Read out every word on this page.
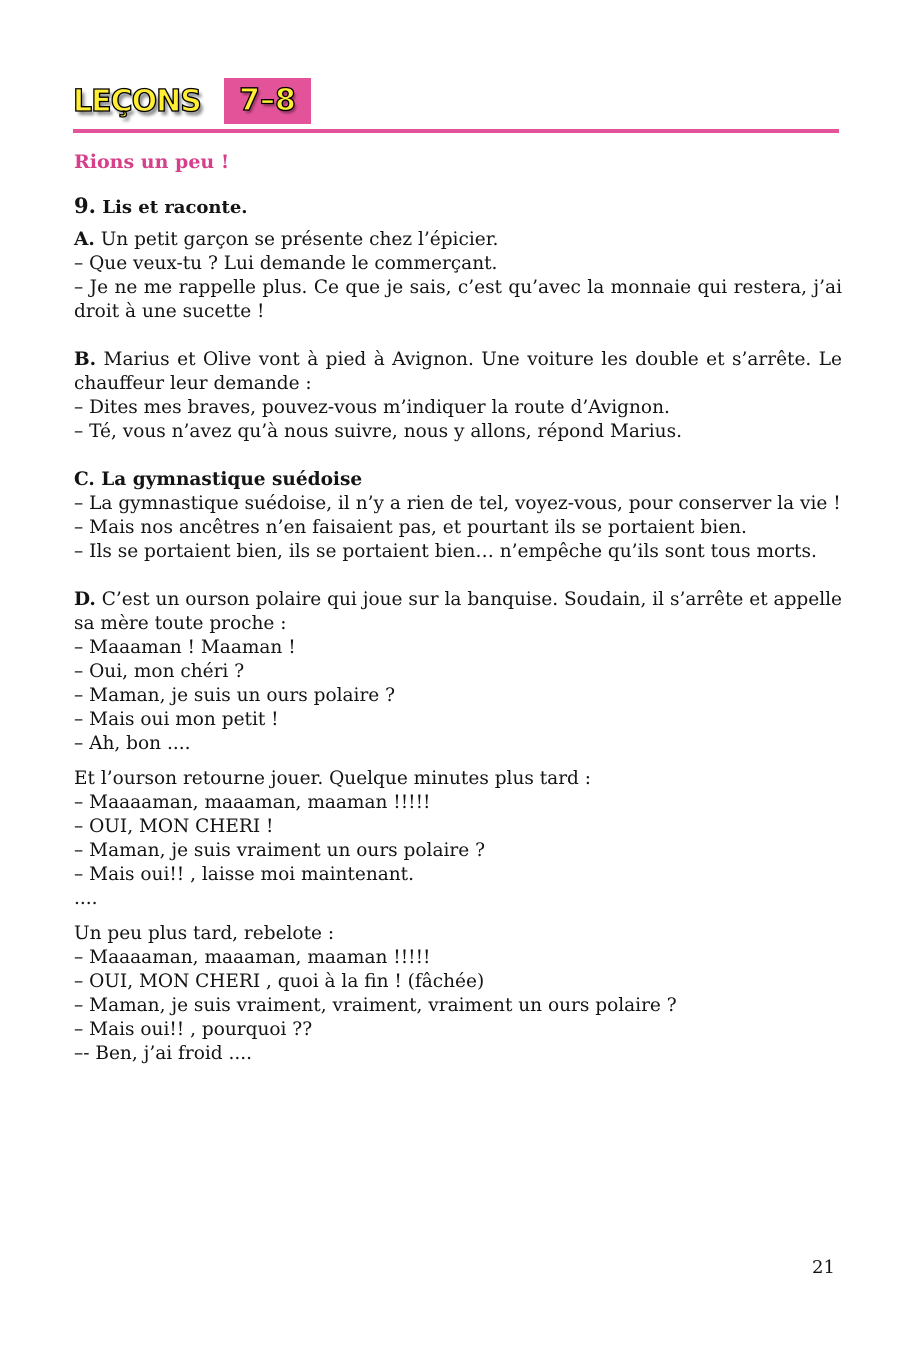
LEÇONS	7–8

Rions un peu !

9. Lis et raconte.

A. Un petit garçon se présente chez l’épicier.

– Que veux-tu ? Lui demande le commerçant.

– Je ne me rappelle plus. Ce que je sais, c’est qu’avec la monnaie qui restera, j’ai droit à une sucette !

B. Marius et Olive vont à pied à Avignon. Une voiture les double et s’arrête. Le chauffeur leur demande :

– Dites mes braves, pouvez-vous m’indiquer la route d’Avignon.

– Té, vous n’avez qu’à nous suivre, nous y allons, répond Marius.

C. La gymnastique suédoise

– La gymnastique suédoise, il n’y a rien de tel, voyez-vous, pour conserver la vie !

– Mais nos ancêtres n’en faisaient pas, et pourtant ils se portaient bien.

– Ils se portaient bien, ils se portaient bien… n’empêche qu’ils sont tous morts.

D. C’est un ourson polaire qui joue sur la banquise. Soudain, il s’arrête et appelle sa mère toute proche :

– Maaaman ! Maaman !

– Oui, mon chéri ?

– Maman, je suis un ours polaire ?

– Mais oui mon petit !

– Ah, bon ....

Et l’ourson retourne jouer. Quelque minutes plus tard :

– Maaaaman, maaaman, maaman !!!!!

– OUI, MON CHERI !

– Maman, je suis vraiment un ours polaire ?

– Mais oui!! , laisse moi maintenant.

....

Un peu plus tard, rebelote :

– Maaaaman, maaaman, maaman !!!!!

– OUI, MON CHERI , quoi à la fin ! (fâchée)

– Maman, je suis vraiment, vraiment, vraiment un ours polaire ?

– Mais oui!! , pourquoi ??

–- Ben, j’ai froid ....

21
